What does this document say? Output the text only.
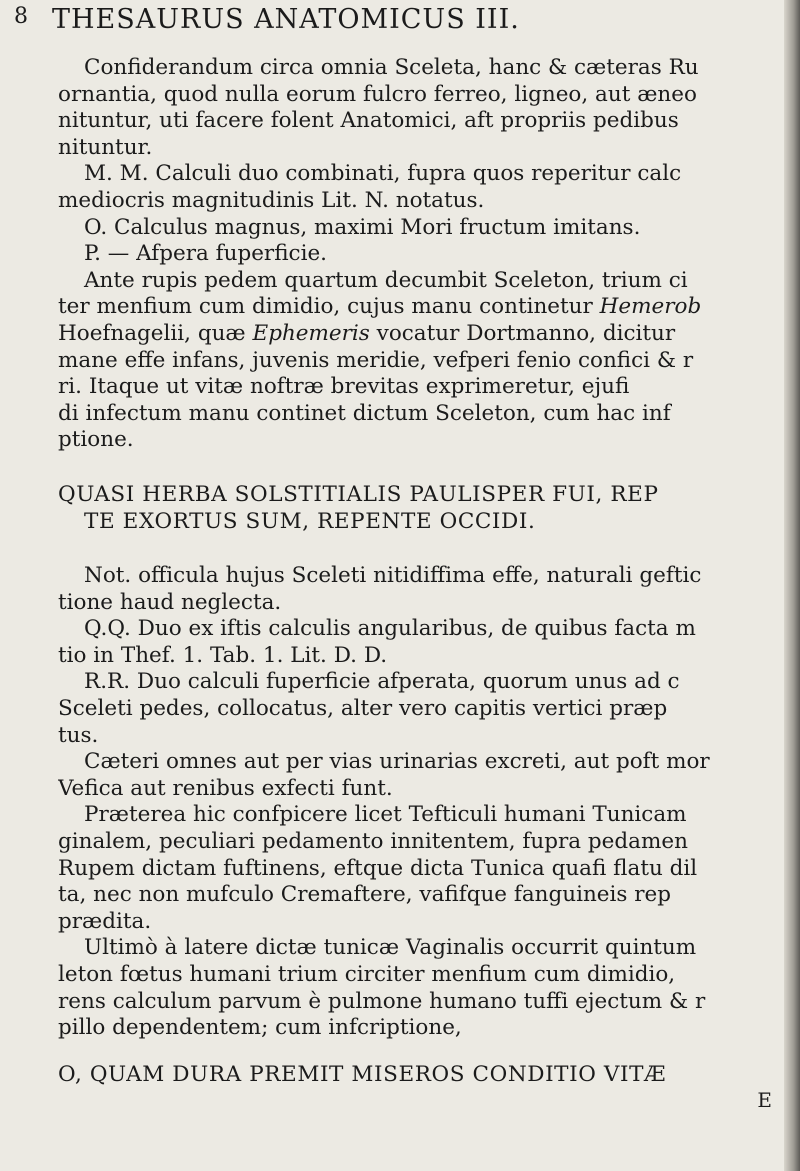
8 THESAURUS ANATOMICUS III.

Confiderandum circa omnia Sceleta, hanc & cæteras Ru
ornantia, quod nulla eorum fulcro ferreo, ligneo, aut æneo
nituntur, uti facere folent Anatomici, aft propriis pedibus
nituntur.

M. M. Calculi duo combinati, fupra quos reperitur calc
mediocris magnitudinis Lit. N. notatus.
O. Calculus magnus, maximi Mori fructum imitans.
P. — Afpera fuperficie.

Ante rupis pedem quartum decumbit Sceleton, trium ci
ter menfium cum dimidio, cujus manu continetur Hemerob
Hoefnagelii, quæ Ephemeris vocatur Dortmanno, dicitur
mane effe infans, juvenis meridie, vefperi fenio confici & r
ri. Itaque ut vitæ noftræ brevitas exprimeretur, ejufi
di infectum manu continet dictum Sceleton, cum hac inf
ptione.

QUASI HERBA SOLSTITIALIS PAULISPER FUI, REP
TE EXORTUS SUM, REPENTE OCCIDI.
Not. officula hujus Sceleti nitidiffima effe, naturali geftic
tione haud neglecta.
Q.Q. Duo ex iftis calculis angularibus, de quibus facta m
tio in Thef. 1. Tab. 1. Lit. D. D.
R.R. Duo calculi fuperficie afperata, quorum unus ad c
Sceleti pedes, collocatus, alter vero capitis vertici præp
tus.
Cæteri omnes aut per vias urinarias excreti, aut poft mor
Vefica aut renibus exfecti funt.
Præterea hic confpicere licet Tefticuli humani Tunicam
ginalem, peculiari pedamento innitentem, fupra pedamen
Rupem dictam fuftinens, eftque dicta Tunica quafi flatu dil
ta, nec non mufculo Cremaftere, vafifque fanguineis rep
prædita.
Ultimò à latere dictæ tunicæ Vaginalis occurrit quintum
leton fœtus humani trium circiter menfium cum dimidio,
rens calculum parvum è pulmone humano tuffi ejectum & r
pillo dependentem; cum infcriptione,
O, QUAM DURA PREMIT MISEROS CONDITIO VITÆ
E
